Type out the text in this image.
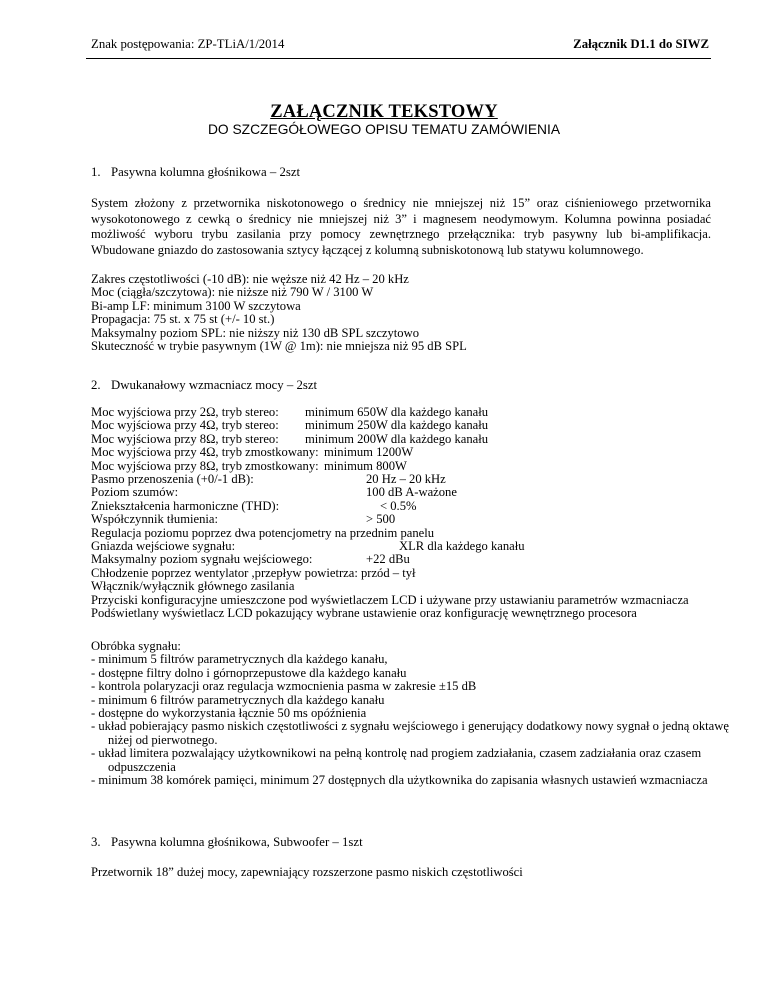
Znak postępowania: ZP-TLiA/1/2014	Załącznik D1.1 do SIWZ
ZAŁĄCZNIK TEKSTOWY
DO SZCZEGÓŁOWEGO OPISU TEMATU ZAMÓWIENIA
1. Pasywna kolumna głośnikowa – 2szt
System złożony z przetwornika niskotonowego o średnicy nie mniejszej niż 15” oraz ciśnieniowego przetwornika wysokotonowego z cewką o średnicy nie mniejszej niż 3” i magnesem neodymowym. Kolumna powinna posiadać możliwość wyboru trybu zasilania przy pomocy zewnętrznego przełącznika: tryb pasywny lub bi-amplifikacja. Wbudowane gniazdo do zastosowania sztycy łączącej z kolumną subniskotonową lub statywu kolumnowego.
Zakres częstotliwości (-10 dB): nie węższe niż 42 Hz – 20 kHz
Moc (ciągła/szczytowa): nie niższe niż 790 W / 3100 W
Bi-amp LF: minimum 3100 W szczytowa
Propagacja: 75 st. x 75 st (+/- 10 st.)
Maksymalny poziom SPL: nie niższy niż 130 dB SPL szczytowo
Skuteczność w trybie pasywnym (1W @ 1m): nie mniejsza niż 95 dB SPL
2. Dwukanałowy wzmacniacz mocy – 2szt
Moc wyjściowa przy 2Ω, tryb stereo: minimum 650W dla każdego kanału
Moc wyjściowa przy 4Ω, tryb stereo: minimum 250W dla każdego kanału
Moc wyjściowa przy 8Ω, tryb stereo: minimum 200W dla każdego kanału
Moc wyjściowa przy 4Ω, tryb zmostkowany: minimum 1200W
Moc wyjściowa przy 8Ω, tryb zmostkowany: minimum 800W
Pasmo przenoszenia (+0/-1 dB):	20 Hz – 20 kHz
Poziom szumów:	100 dB A-ważone
Zniekształcenia harmoniczne (THD):	< 0.5%
Współczynnik tłumienia:	> 500
Regulacja poziomu poprzez dwa potencjometry na przednim panelu
Gniazda wejściowe sygnału:	XLR dla każdego kanału
Maksymalny poziom sygnału wejściowego:	+22 dBu
Chłodzenie poprzez wentylator ,przepływ powietrza: przód – tył
Włącznik/wyłącznik głównego zasilania
Przyciski konfiguracyjne umieszczone pod wyświetlaczem LCD i używane przy ustawianiu parametrów wzmacniacza
Podświetlany wyświetlacz LCD pokazujący wybrane ustawienie oraz konfigurację wewnętrznego procesora
Obróbka sygnału:
- minimum 5 filtrów parametrycznych dla każdego kanału,
- dostępne filtry dolno i górnoprzepustowe dla każdego kanału
- kontrola polaryzacji oraz regulacja wzmocnienia pasma w zakresie ±15 dB
- minimum 6 filtrów parametrycznych dla każdego kanału
- dostępne do wykorzystania łącznie 50 ms opóźnienia
- układ pobierający pasmo niskich częstotliwości z sygnału wejściowego i generujący dodatkowy nowy sygnał o jedną oktawę niżej od pierwotnego.
- układ limitera pozwalający użytkownikowi na pełną kontrolę nad progiem zadziałania, czasem zadziałania oraz czasem odpuszczenia
- minimum 38 komórek pamięci, minimum 27 dostępnych dla użytkownika do zapisania własnych ustawień wzmacniacza
3. Pasywna kolumna głośnikowa, Subwoofer – 1szt
Przetwornik 18” dużej mocy, zapewniający rozszerzone pasmo niskich częstotliwości
